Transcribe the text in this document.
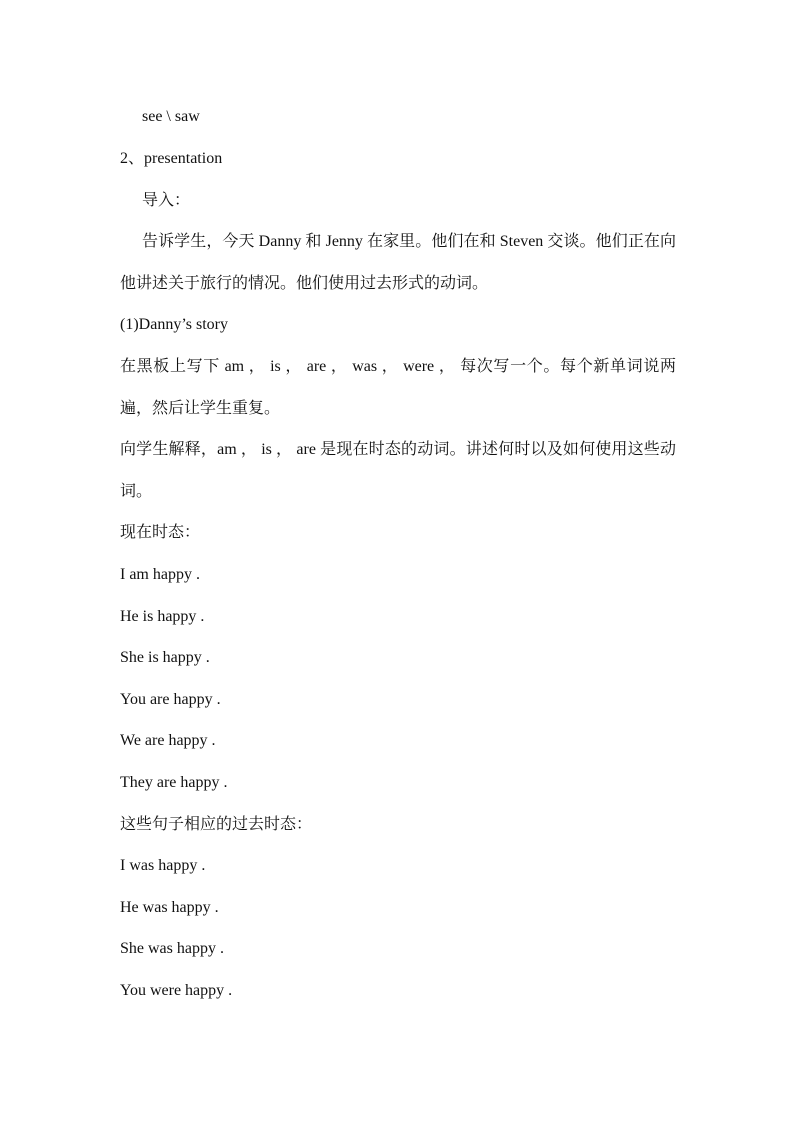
see \ saw
2、presentation
导入：
告诉学生，今天 Danny 和 Jenny 在家里。他们在和 Steven 交谈。他们正在向他讲述关于旅行的情况。他们使用过去形式的动词。
(1)Danny’s story
在黑板上写下 am ， is ， are ， was ， were ， 每次写一个。每个新单词说两遍，然后让学生重复。
向学生解释，am ， is ， are 是现在时态的动词。讲述何时以及如何使用这些动词。
现在时态：
I am happy .
He is happy .
She is happy .
You are happy .
We are happy .
They are happy .
这些句子相应的过去时态：
I was happy .
He was happy .
She was happy .
You were happy .
